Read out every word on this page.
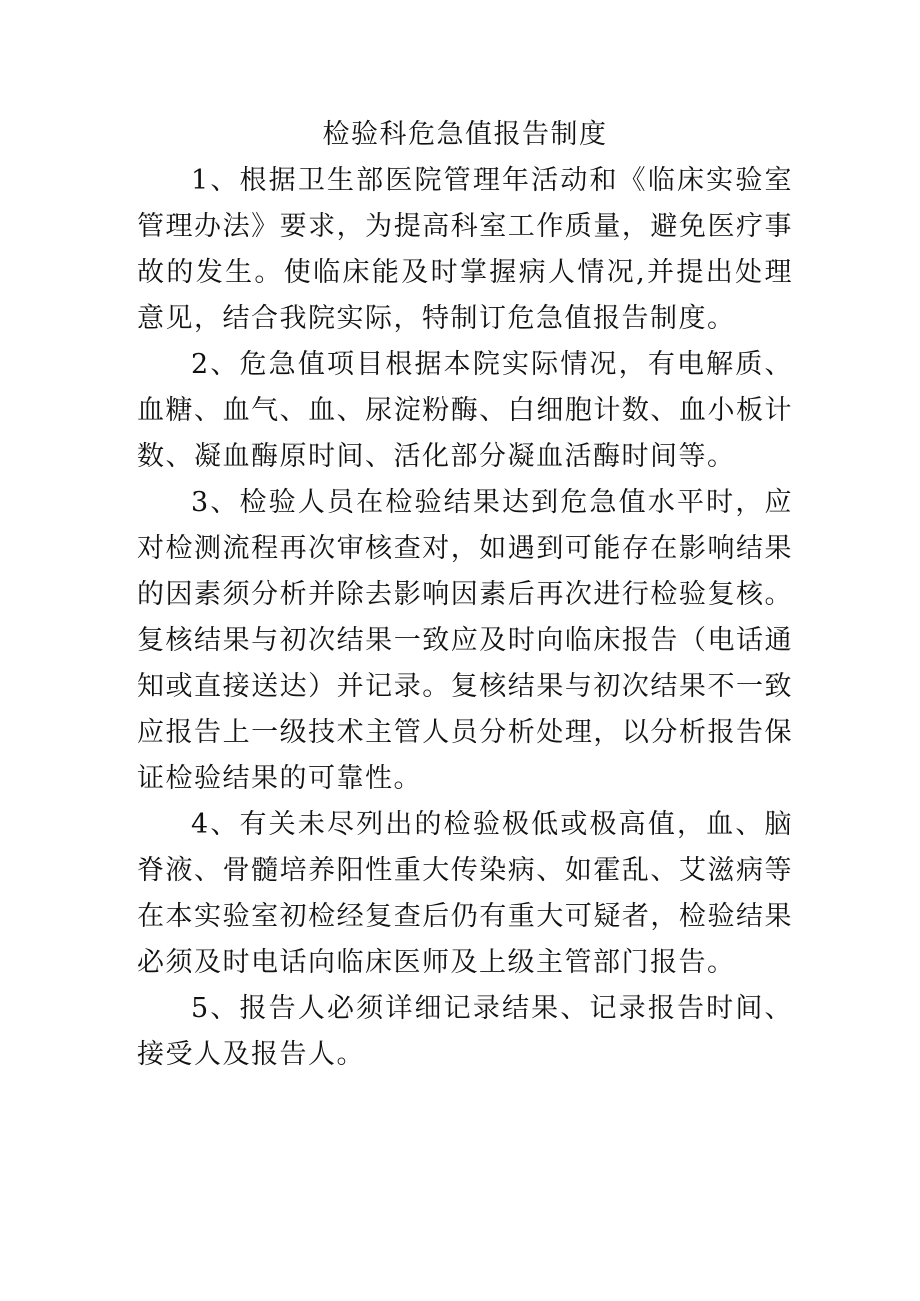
检验科危急值报告制度

1、根据卫生部医院管理年活动和《临床实验室管理办法》要求，为提高科室工作质量，避免医疗事故的发生。使临床能及时掌握病人情况,并提出处理意见，结合我院实际，特制订危急值报告制度。

2、危急值项目根据本院实际情况，有电解质、血糖、血气、血、尿淀粉酶、白细胞计数、血小板计数、凝血酶原时间、活化部分凝血活酶时间等。

3、检验人员在检验结果达到危急值水平时，应对检测流程再次审核查对，如遇到可能存在影响结果的因素须分析并除去影响因素后再次进行检验复核。复核结果与初次结果一致应及时向临床报告（电话通知或直接送达）并记录。复核结果与初次结果不一致应报告上一级技术主管人员分析处理，以分析报告保证检验结果的可靠性。

4、有关未尽列出的检验极低或极高值，血、脑脊液、骨髓培养阳性重大传染病、如霍乱、艾滋病等在本实验室初检经复查后仍有重大可疑者，检验结果必须及时电话向临床医师及上级主管部门报告。

5、报告人必须详细记录结果、记录报告时间、接受人及报告人。
